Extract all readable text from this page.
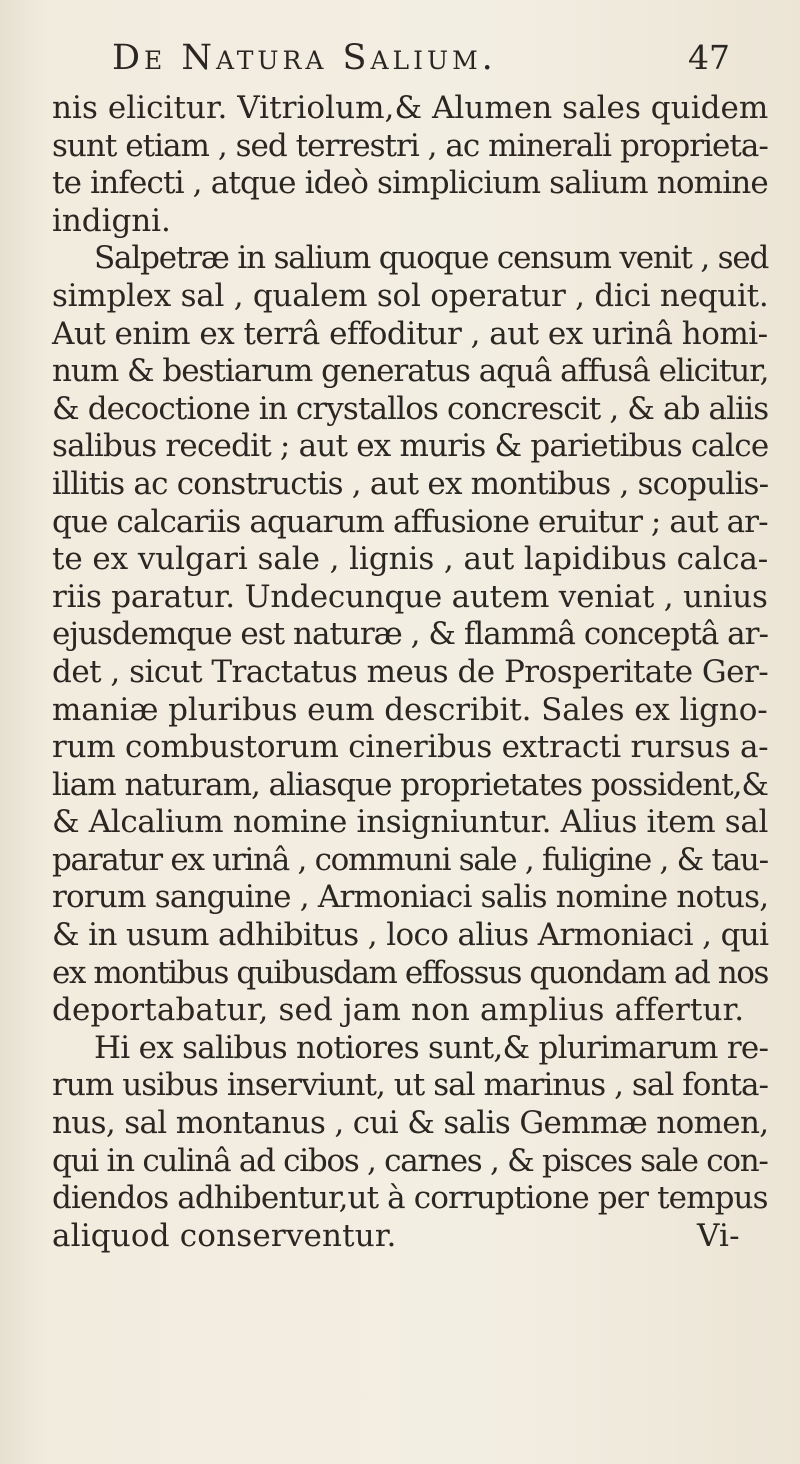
De Natura Salium.	47
nis elicitur. Vitriolum,& Alumen sales quidem
sunt etiam , sed terrestri , ac minerali proprieta-
te infecti , atque ideò simplicium salium nomine
indigni.
Salpetræ in salium quoque censum venit , sed
simplex sal , qualem sol operatur , dici nequit.
Aut enim ex terrâ effoditur , aut ex urinâ homi-
num & bestiarum generatus aquâ affusâ elicitur,
& decoctione in crystallos concrescit , & ab aliis
salibus recedit ; aut ex muris & parietibus calce
illitis ac constructis , aut ex montibus , scopulis-
que calcariis aquarum affusione eruitur ; aut ar-
te ex vulgari sale , lignis , aut lapidibus calca-
riis paratur. Undecunque autem veniat , unius
ejusdemque est naturæ , & flammâ conceptâ ar-
det , sicut Tractatus meus de Prosperitate Ger-
maniæ pluribus eum describit. Sales ex ligno-
rum combustorum cineribus extracti rursus a-
liam naturam, aliasque proprietates possident,&
& Alcalium nomine insigniuntur. Alius item sal
paratur ex urinâ , communi sale , fuligine , & tau-
rorum sanguine , Armoniaci salis nomine notus,
& in usum adhibitus , loco alius Armoniaci , qui
ex montibus quibusdam effossus quondam ad nos
deportabatur, sed jam non amplius affertur.
Hi ex salibus notiores sunt,& plurimarum re-
rum usibus inserviunt, ut sal marinus , sal fonta-
nus, sal montanus , cui & salis Gemmæ nomen,
qui in culinâ ad cibos , carnes , & pisces sale con-
diendos adhibentur,ut à corruptione per tempus
aliquod conserventur.                              Vi-
